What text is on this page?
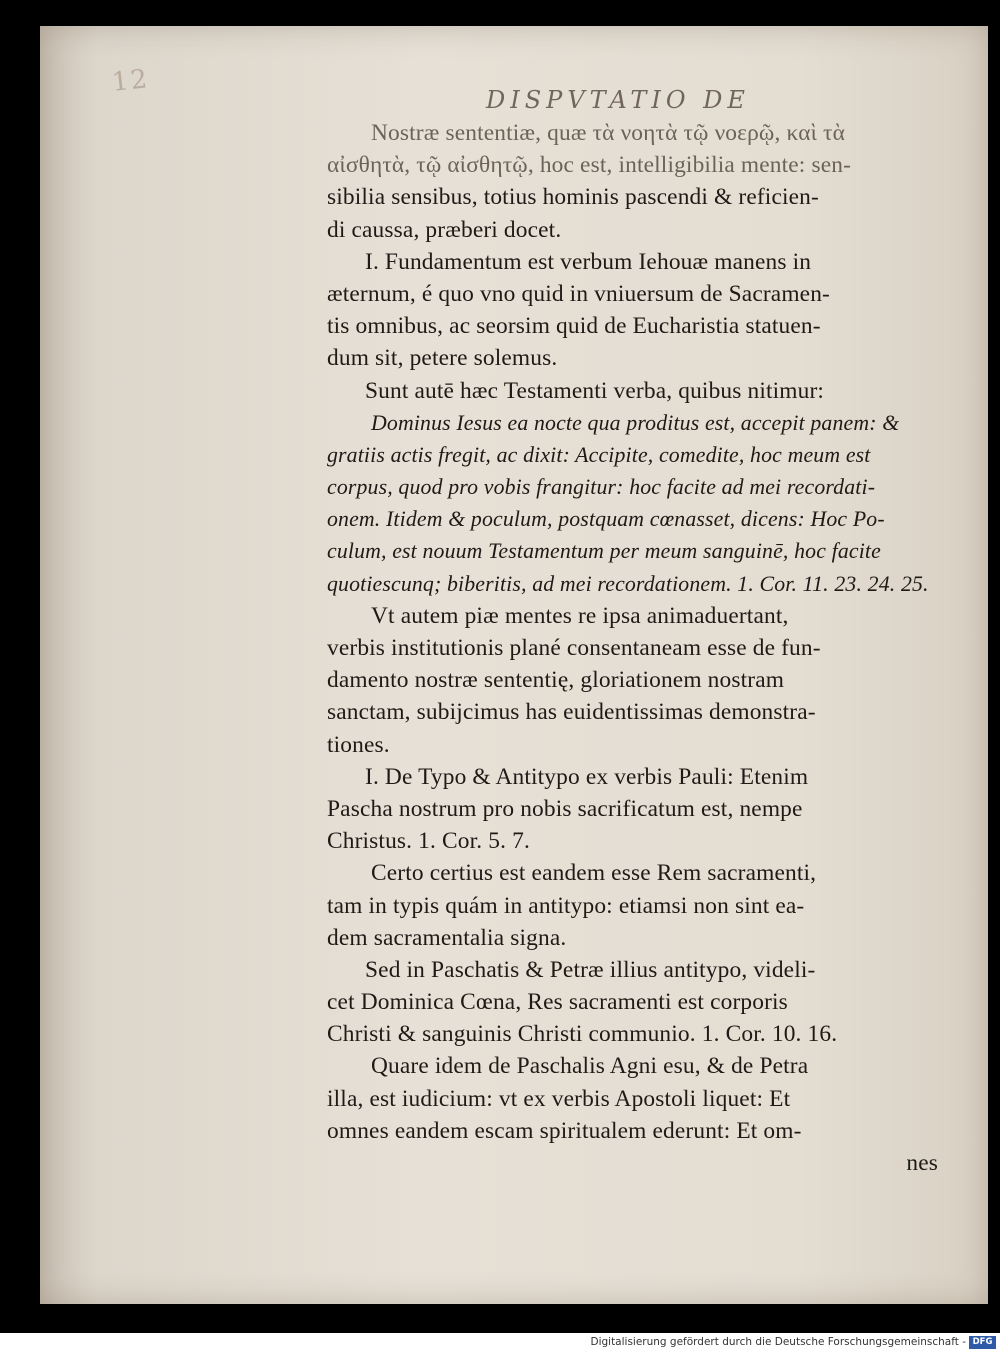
12
DISPVTATIO DE
Nostræ sententiæ, quæ τὰ νοητὰ τῷ νοερῷ, καὶ τὰ
αἰσθητὰ, τῷ αἰσθητῷ, hoc est, intelligibilia mente: sen-
sibilia sensibus, totius hominis pascendi & reficien-
di caussa, præberi docet.
I. Fundamentum est verbum Iehouæ manens in
æternum, é quo vno quid in vniuersum de Sacramen-
tis omnibus, ac seorsim quid de Eucharistia statuen-
dum sit, petere solemus.
Sunt autē hæc Testamenti verba, quibus nitimur:
Dominus Iesus ea nocte qua proditus est, accepit panem: &
gratiis actis fregit, ac dixit: Accipite, comedite, hoc meum est
corpus, quod pro vobis frangitur: hoc facite ad mei recordati-
onem. Itidem & poculum, postquam cœnasset, dicens: Hoc Po-
culum, est nouum Testamentum per meum sanguinē, hoc facite
quotiescunq; biberitis, ad mei recordationem. 1. Cor. 11. 23. 24. 25.
Vt autem piæ mentes re ipsa animaduertant,
verbis institutionis plané consentaneam esse de fun-
damento nostræ sententię, gloriationem nostram
sanctam, subijcimus has euidentissimas demonstra-
tiones.
I. De Typo & Antitypo ex verbis Pauli: Etenim
Pascha nostrum pro nobis sacrificatum est, nempe
Christus. 1. Cor. 5. 7.
Certo certius est eandem esse Rem sacramenti,
tam in typis quám in antitypo: etiamsi non sint ea-
dem sacramentalia signa.
Sed in Paschatis & Petræ illius antitypo, videli-
cet Dominica Cœna, Res sacramenti est corporis
Christi & sanguinis Christi communio. 1. Cor. 10. 16.
Quare idem de Paschalis Agni esu, & de Petra
illa, est iudicium: vt ex verbis Apostoli liquet: Et
omnes eandem escam spiritualem ederunt: Et om-
nes
Digitalisierung gefördert durch die Deutsche Forschungsgemeinschaft - DFG
